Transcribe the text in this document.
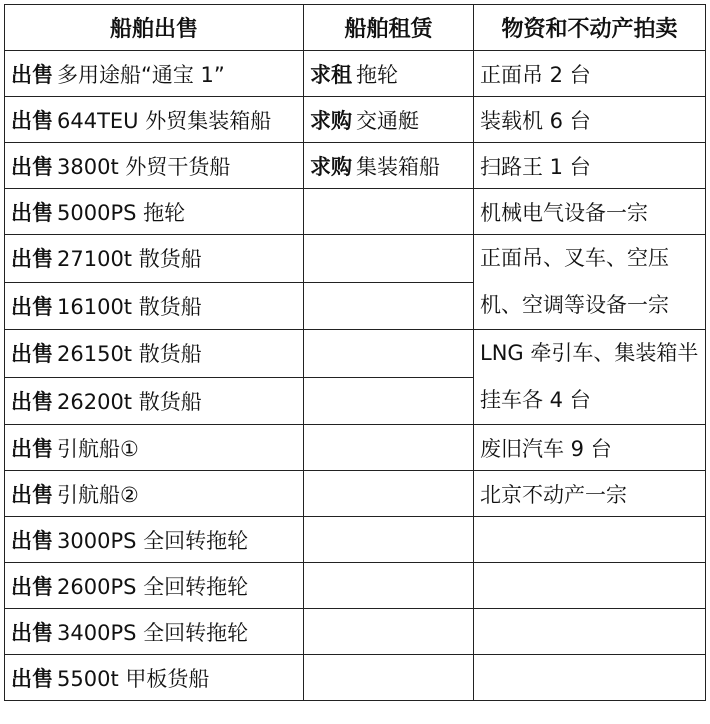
船舶出售	船舶租赁	物资和不动产拍卖
出售 多用途船“通宝 1”	求租 拖轮	正面吊 2 台
出售 644TEU 外贸集装箱船	求购 交通艇	装载机 6 台
出售 3800t 外贸干货船	求购 集装箱船	扫路王 1 台
出售 5000PS 拖轮		机械电气设备一宗
出售 27100t 散货船		正面吊、叉车、空压机、空调等设备一宗
出售 16100t 散货船		
出售 26150t 散货船		LNG 牵引车、集装箱半挂车各 4 台
出售 26200t 散货船		
出售 引航船①		废旧汽车 9 台
出售 引航船②		北京不动产一宗
出售 3000PS 全回转拖轮		
出售 2600PS 全回转拖轮		
出售 3400PS 全回转拖轮		
出售 5500t 甲板货船		
